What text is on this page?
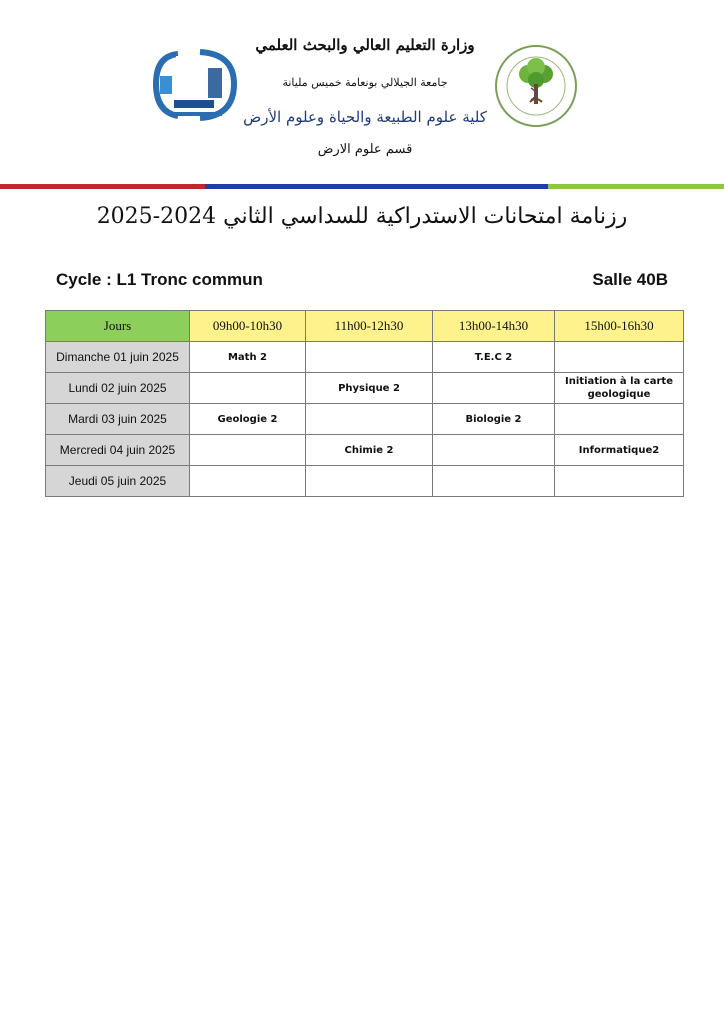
وزارة التعليم العالي والبحث العلمي
جامعة الجيلالي بونعامة خميس مليانة
كلية علوم الطبيعة والحياة وعلوم الأرض
قسم علوم الارض
رزنامة امتحانات الاستدراكية للسداسي الثاني 2024-2025
Cycle : L1 Tronc commun	Salle 40B
Jours	09h00-10h30	11h00-12h30	13h00-14h30	15h00-16h30
Dimanche 01 juin 2025	Math 2		T.E.C 2	
Lundi 02 juin 2025		Physique 2		Initiation à la carte geologique
Mardi 03 juin 2025	Geologie 2		Biologie 2	
Mercredi 04 juin 2025		Chimie 2		Informatique2
Jeudi 05 juin 2025				
